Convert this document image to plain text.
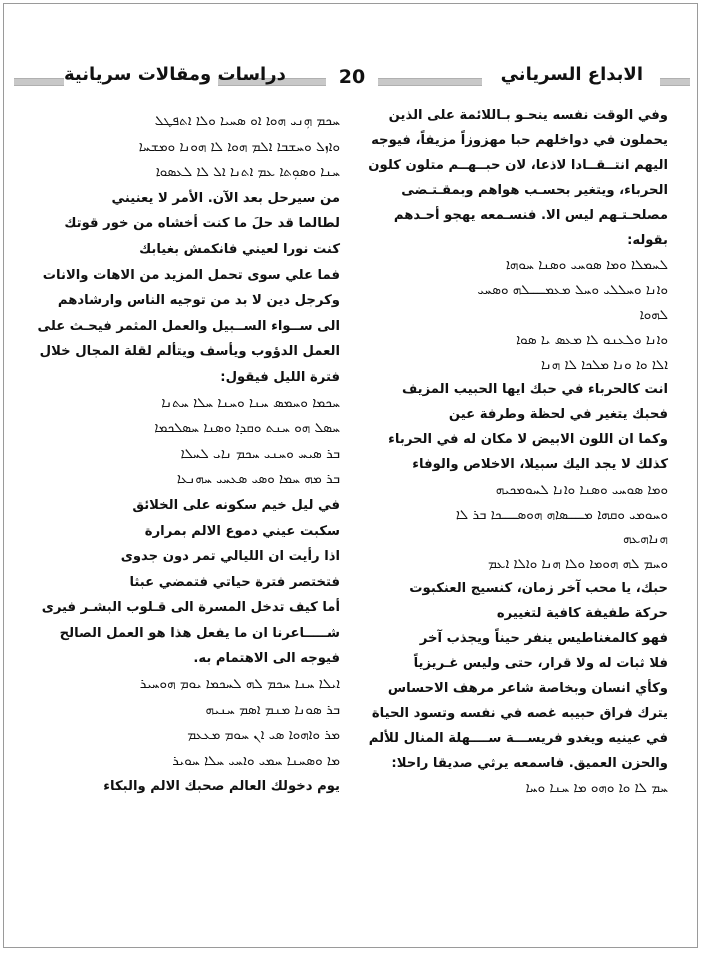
الابداع السرياني
20
دراسات ومقالات سريانية
ܚܟܡ ܗܼܢܝ ܗܘܐ ܐܘ ܣܚܝܐ ܘܠܐ ܐܬܦܛܠ
ܘܐܙܠ ܘܚܫܒܐ ܐܠܡ ܗܘܐ ܠܐ ܗܘܢܐ ܘܡܫܚܐ
ܚܢܐ ܘܣܘܼܬܐ ܥܡ ܐܬܢܐ ܐܠ ܠܐ ܠܥܣܘܐ
من سيرحل بعد الآن. الأمر لا يعنيني
لطالما قد حلَ ما كنت أخشاه من خور قوتك
كنت نورا لعيني فانكمش بغيابك
فما علي سوى تحمل المزيد من الاهات والانات
وكرجل دين لا بد من توجيه الناس وارشادهم
الى ســواء الســبيل والعمل المثمر فيحـث على
العمل الدؤوب ويأسف ويتألم لقلة المجال خلال
فترة الليل فيقول:
ܚܟܡܐ ܘܚܡܣ ܚܢܐ ܘܚܢܐ ܚܠܐ ܚܬܢܐ
ܚܣܠ ܗܘ ܚܢܬ ܘܩܕܐ ܘܣܢܐ ܚܣܠܟܡܐ
ܒܪ ܣܝܚ ܘܚܢܝ ܚܟܡ ܢܐܝ ܠܚܠܐ
ܒܪ ܡܗ ܚܡܐ ܘܣܝ ܣܥܚܝ ܚܗܢܥܐ
في ليل خيم سكونه على الخلائق
سكبت عيني دموع الالم بمرارة
اذا رأيت ان الليالي تمر دون جدوى
فتختصر فترة حياتي فتمضي عبثا
أما كيف تدخل المسرة الى قـلوب البشـر فيرى
شـــــاعرنا ان ما يفعل هذا هو العمل الصالح
فيوجه الى الاهتمام به.
ܐܝܠܐ ܚܢܐ ܚܟܡ ܠܗ ܠܚܟܡܐ ܝܘܡ ܗܘܚܝܪ
ܒܪ ܣܘܢܐ ܡܢܡ ܐܣܡ ܚܢܝܗ
ܡܪ ܘܐܗܘܐ ܣܝ ܐܢ ܚܘܡ ܡܥܥܡ
ܡܐ ܘܣܚܢܐ ܚܡܝ ܘܐܚܝ ܚܠܐ ܚܘܝܪ
يوم دخولك العالم صحبك الالم والبكاء
وفي الوقت نفسه ينحـو بـاللائمة على الذين
يحملون في دواخلهم حبا مهزوزاً مزيفاً، فيوجه
اليهم انتــقــادا لاذعا، لان حبــهــم متلون كلون
الحرباء، ويتغير بحسـب هواهم وبمقـتـضى
مصلحـتـهم ليس الا. فنسـمعه يهجو أحـدهم
بقوله:
ܠܚܡܠܐ ܘܡܐ ܣܘܚܝ ܘܣܢܐ ܚܘܗܐ
ܘܐܢܐ ܘܚܠܠܝ ܘܚܠ ܡܥܡــــܠܗ ܘܣܚܝ
ܠܗܘܐ
ܘܐܢܐ ܘܠܥܢܘ ܠܐ ܡܥܣ ܝܐ ܣܘܐ
ܐܠܐ ܘܐ ܘܢܐ ܡܠܟܐ ܠܐ ܗܢܐ
انت كالحرباء في حبك ايها الحبيب المزيف
فحبك يتغير في لحظة وطرفة عين
وكما ان اللون الابيض لا مكان له في الحرباء
كذلك لا يجد اليك سبيلا، الاخلاص والوفاء
ܘܡܐ ܣܘܚܝ ܘܣܢܐ ܘܐܢܐ ܠܚܘܡܟܝܗ
ܘܚܘܡܝ ܘܩܗܐ ܡــــܣܐܗ ܗܘܣــــܟܐ ܒܪ ܠܐ
ܗܢܐܗܥܗ
ܘܚܡ ܠܗ ܗܘܡܐ ܘܠܐ ܗܢܐ ܘܐܠܐ ܐܥܡ
حبك، يا محب آخر زمان، كنسيج العنكبوت
حركة طفيفة كافية لتغييره
فهو كالمغناطيس ينفر حيناً ويجذب آخر
فلا ثبات له ولا قرار، حتى وليس غـريزياً
وكأي انسان وبخاصة شاعر مرهف الاحساس
يترك فراق حبيبه غصه في نفسه وتسود الحياة
في عينيه ويغدو فريســـة ســــهلة المنال للألم
والحزن العميق. فاسمعه يرثي صديقا راحلا:
ܚܡ ܠܐ ܘܐ ܘܗܘ ܡܐ ܚܢܐ ܘܚܐ
